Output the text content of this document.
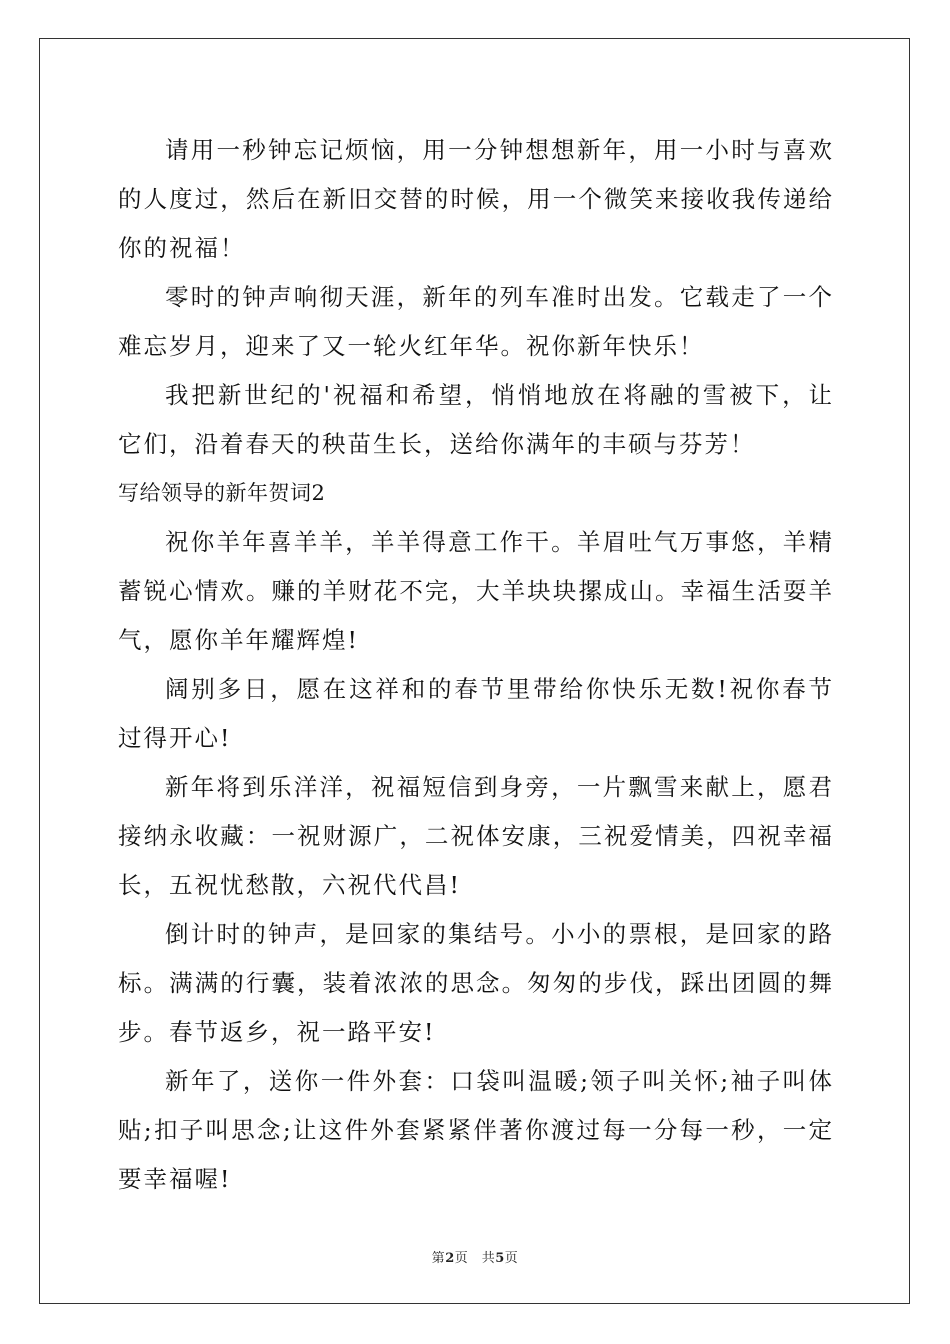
请用一秒钟忘记烦恼，用一分钟想想新年，用一小时与喜欢的人度过，然后在新旧交替的时候，用一个微笑来接收我传递给你的祝福！

零时的钟声响彻天涯，新年的列车准时出发。它载走了一个难忘岁月，迎来了又一轮火红年华。祝你新年快乐！

我把新世纪的'祝福和希望，悄悄地放在将融的雪被下，让它们，沿着春天的秧苗生长，送给你满年的丰硕与芬芳！

写给领导的新年贺词2

祝你羊年喜羊羊，羊羊得意工作干。羊眉吐气万事悠，羊精蓄锐心情欢。赚的羊财花不完，大羊块块摞成山。幸福生活耍羊气，愿你羊年耀辉煌!

阔别多日，愿在这祥和的春节里带给你快乐无数!祝你春节过得开心!

新年将到乐洋洋，祝福短信到身旁，一片飘雪来献上，愿君接纳永收藏：一祝财源广，二祝体安康，三祝爱情美，四祝幸福长，五祝忧愁散，六祝代代昌!

倒计时的钟声，是回家的集结号。小小的票根，是回家的路标。满满的行囊，装着浓浓的思念。匆匆的步伐，踩出团圆的舞步。春节返乡，祝一路平安!

新年了，送你一件外套：口袋叫温暖;领子叫关怀;袖子叫体贴;扣子叫思念;让这件外套紧紧伴著你渡过每一分每一秒，一定要幸福喔!

第2页　共5页
